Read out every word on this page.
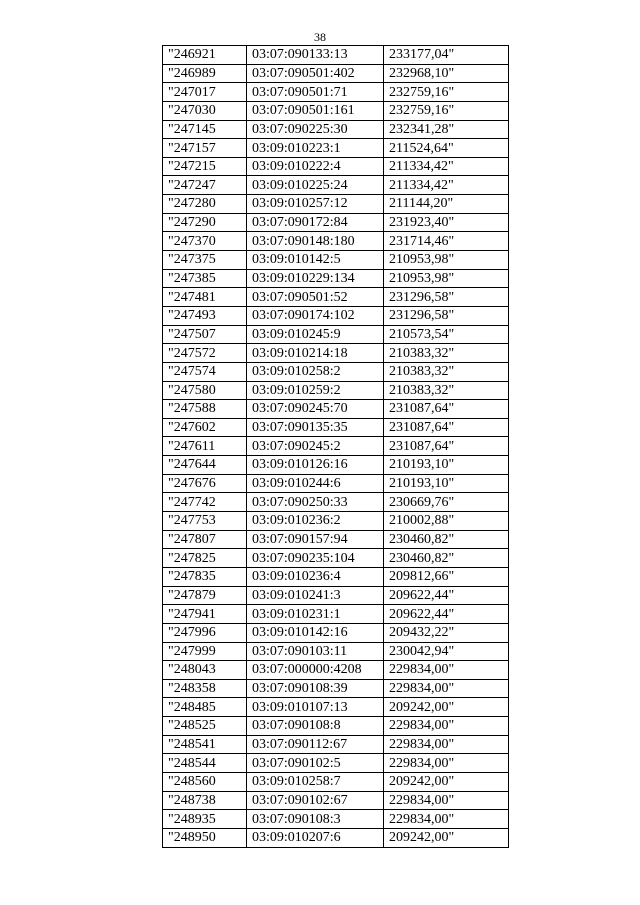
38
"246921	03:07:090133:13	233177,04"
"246989	03:07:090501:402	232968,10"
"247017	03:07:090501:71	232759,16"
"247030	03:07:090501:161	232759,16"
"247145	03:07:090225:30	232341,28"
"247157	03:09:010223:1	211524,64"
"247215	03:09:010222:4	211334,42"
"247247	03:09:010225:24	211334,42"
"247280	03:09:010257:12	211144,20"
"247290	03:07:090172:84	231923,40"
"247370	03:07:090148:180	231714,46"
"247375	03:09:010142:5	210953,98"
"247385	03:09:010229:134	210953,98"
"247481	03:07:090501:52	231296,58"
"247493	03:07:090174:102	231296,58"
"247507	03:09:010245:9	210573,54"
"247572	03:09:010214:18	210383,32"
"247574	03:09:010258:2	210383,32"
"247580	03:09:010259:2	210383,32"
"247588	03:07:090245:70	231087,64"
"247602	03:07:090135:35	231087,64"
"247611	03:07:090245:2	231087,64"
"247644	03:09:010126:16	210193,10"
"247676	03:09:010244:6	210193,10"
"247742	03:07:090250:33	230669,76"
"247753	03:09:010236:2	210002,88"
"247807	03:07:090157:94	230460,82"
"247825	03:07:090235:104	230460,82"
"247835	03:09:010236:4	209812,66"
"247879	03:09:010241:3	209622,44"
"247941	03:09:010231:1	209622,44"
"247996	03:09:010142:16	209432,22"
"247999	03:07:090103:11	230042,94"
"248043	03:07:000000:4208	229834,00"
"248358	03:07:090108:39	229834,00"
"248485	03:09:010107:13	209242,00"
"248525	03:07:090108:8	229834,00"
"248541	03:07:090112:67	229834,00"
"248544	03:07:090102:5	229834,00"
"248560	03:09:010258:7	209242,00"
"248738	03:07:090102:67	229834,00"
"248935	03:07:090108:3	229834,00"
"248950	03:09:010207:6	209242,00"
